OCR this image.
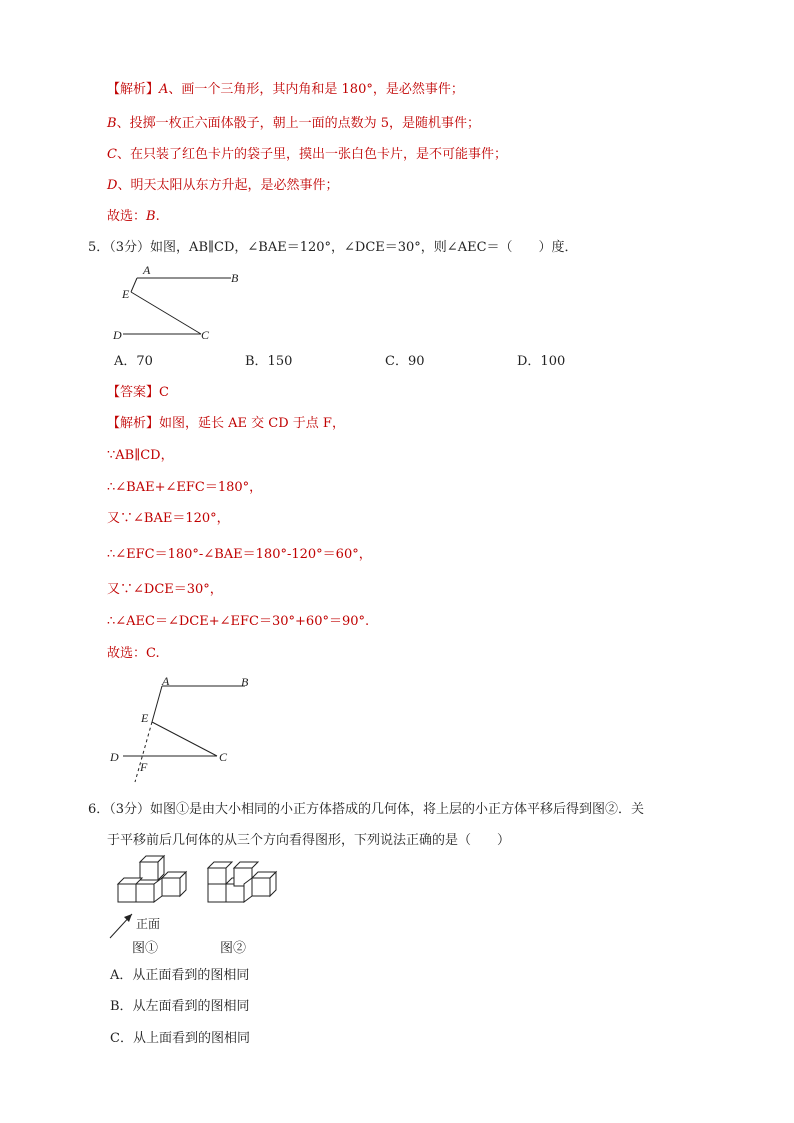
【解析】A、画一个三角形，其内角和是 180°，是必然事件；
B、投掷一枚正六面体骰子，朝上一面的点数为 5，是随机事件；
C、在只装了红色卡片的袋子里，摸出一张白色卡片，是不可能事件；
D、明天太阳从东方升起，是必然事件；
故选：B.
5．（3分）如图，AB∥CD，∠BAE＝120°，∠DCE＝30°，则∠AEC＝（　　）度．
A
B
E
D	C
A．70	B．150	C．90	D．100
【答案】C
【解析】如图，延长 AE 交 CD 于点 F，
∵AB∥CD，
∴∠BAE+∠EFC＝180°，
又∵∠BAE＝120°，
∴∠EFC＝180°-∠BAE＝180°-120°＝60°，
又∵∠DCE＝30°，
∴∠AEC＝∠DCE+∠EFC＝30°+60°＝90°.
故选：C.
A	B
E
D	C
F
6．（3分）如图①是由大小相同的小正方体搭成的几何体，将上层的小正方体平移后得到图②．关
于平移前后几何体的从三个方向看得图形，下列说法正确的是（　　）
正面
图①	图②
A．从正面看到的图相同
B．从左面看到的图相同
C．从上面看到的图相同
